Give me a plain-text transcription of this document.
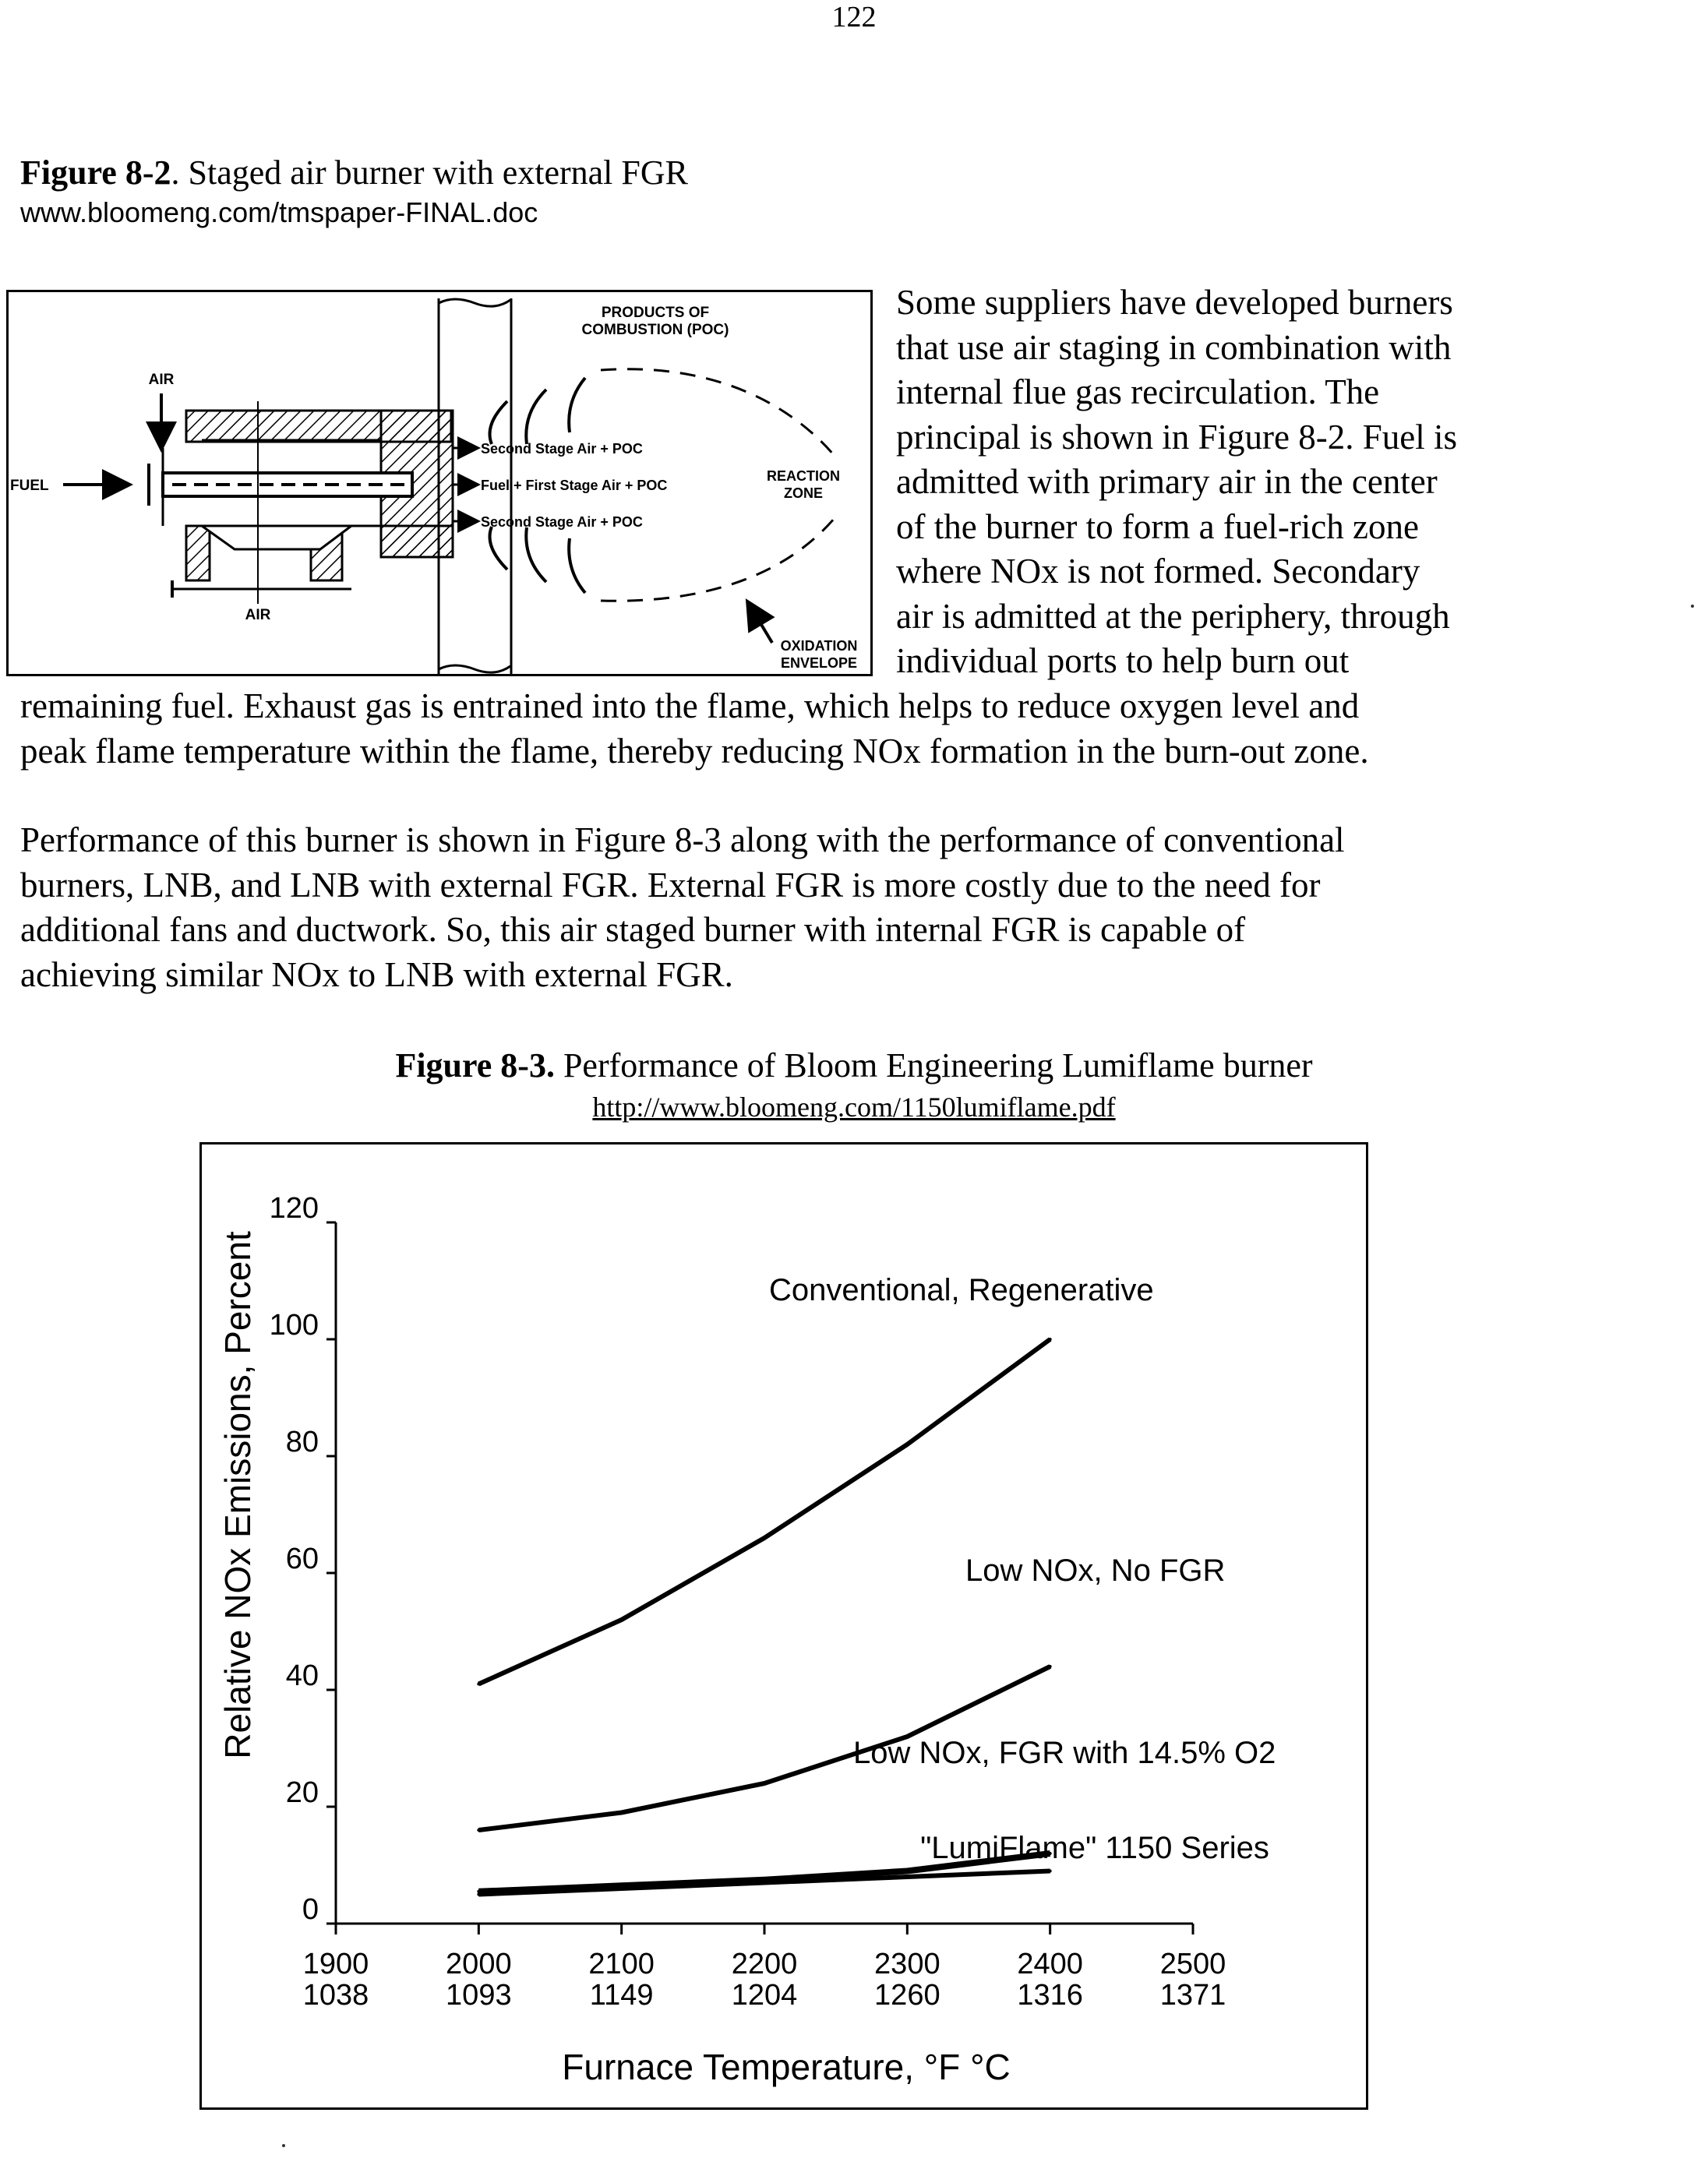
122
Figure 8-2. Staged air burner with external FGR
www.bloomeng.com/tmspaper-FINAL.doc
PRODUCTS OF
COMBUSTION (POC)
AIR
FUEL
AIR
Second Stage Air + POC
Fuel + First Stage Air + POC
Second Stage Air + POC
REACTION
ZONE
OXIDATION
ENVELOPE
Some suppliers have developed burners
that use air staging in combination with
internal flue gas recirculation. The
principal is shown in Figure 8-2. Fuel is
admitted with primary air in the center
of the burner to form a fuel-rich zone
where NOx is not formed. Secondary
air is admitted at the periphery, through
individual ports to help burn out
remaining fuel. Exhaust gas is entrained into the flame, which helps to reduce oxygen level and
peak flame temperature within the flame, thereby reducing NOx formation in the burn-out zone.
Performance of this burner is shown in Figure 8-3 along with the performance of conventional
burners, LNB, and LNB with external FGR. External FGR is more costly due to the need for
additional fans and ductwork. So, this air staged burner with internal FGR is capable of
achieving similar NOx to LNB with external FGR.
Figure 8-3. Performance of Bloom Engineering Lumiflame burner
http://www.bloomeng.com/1150lumiflame.pdf
0
20
40
60
80
100
120
1900
1038
2000
1093
2100
1149
2200
1204
2300
1260
2400
1316
2500
1371
Conventional, Regenerative
Low NOx, No FGR
Low NOx, FGR with 14.5% O2
"LumiFlame" 1150 Series
Furnace Temperature, °F °C
Relative NOx Emissions, Percent
